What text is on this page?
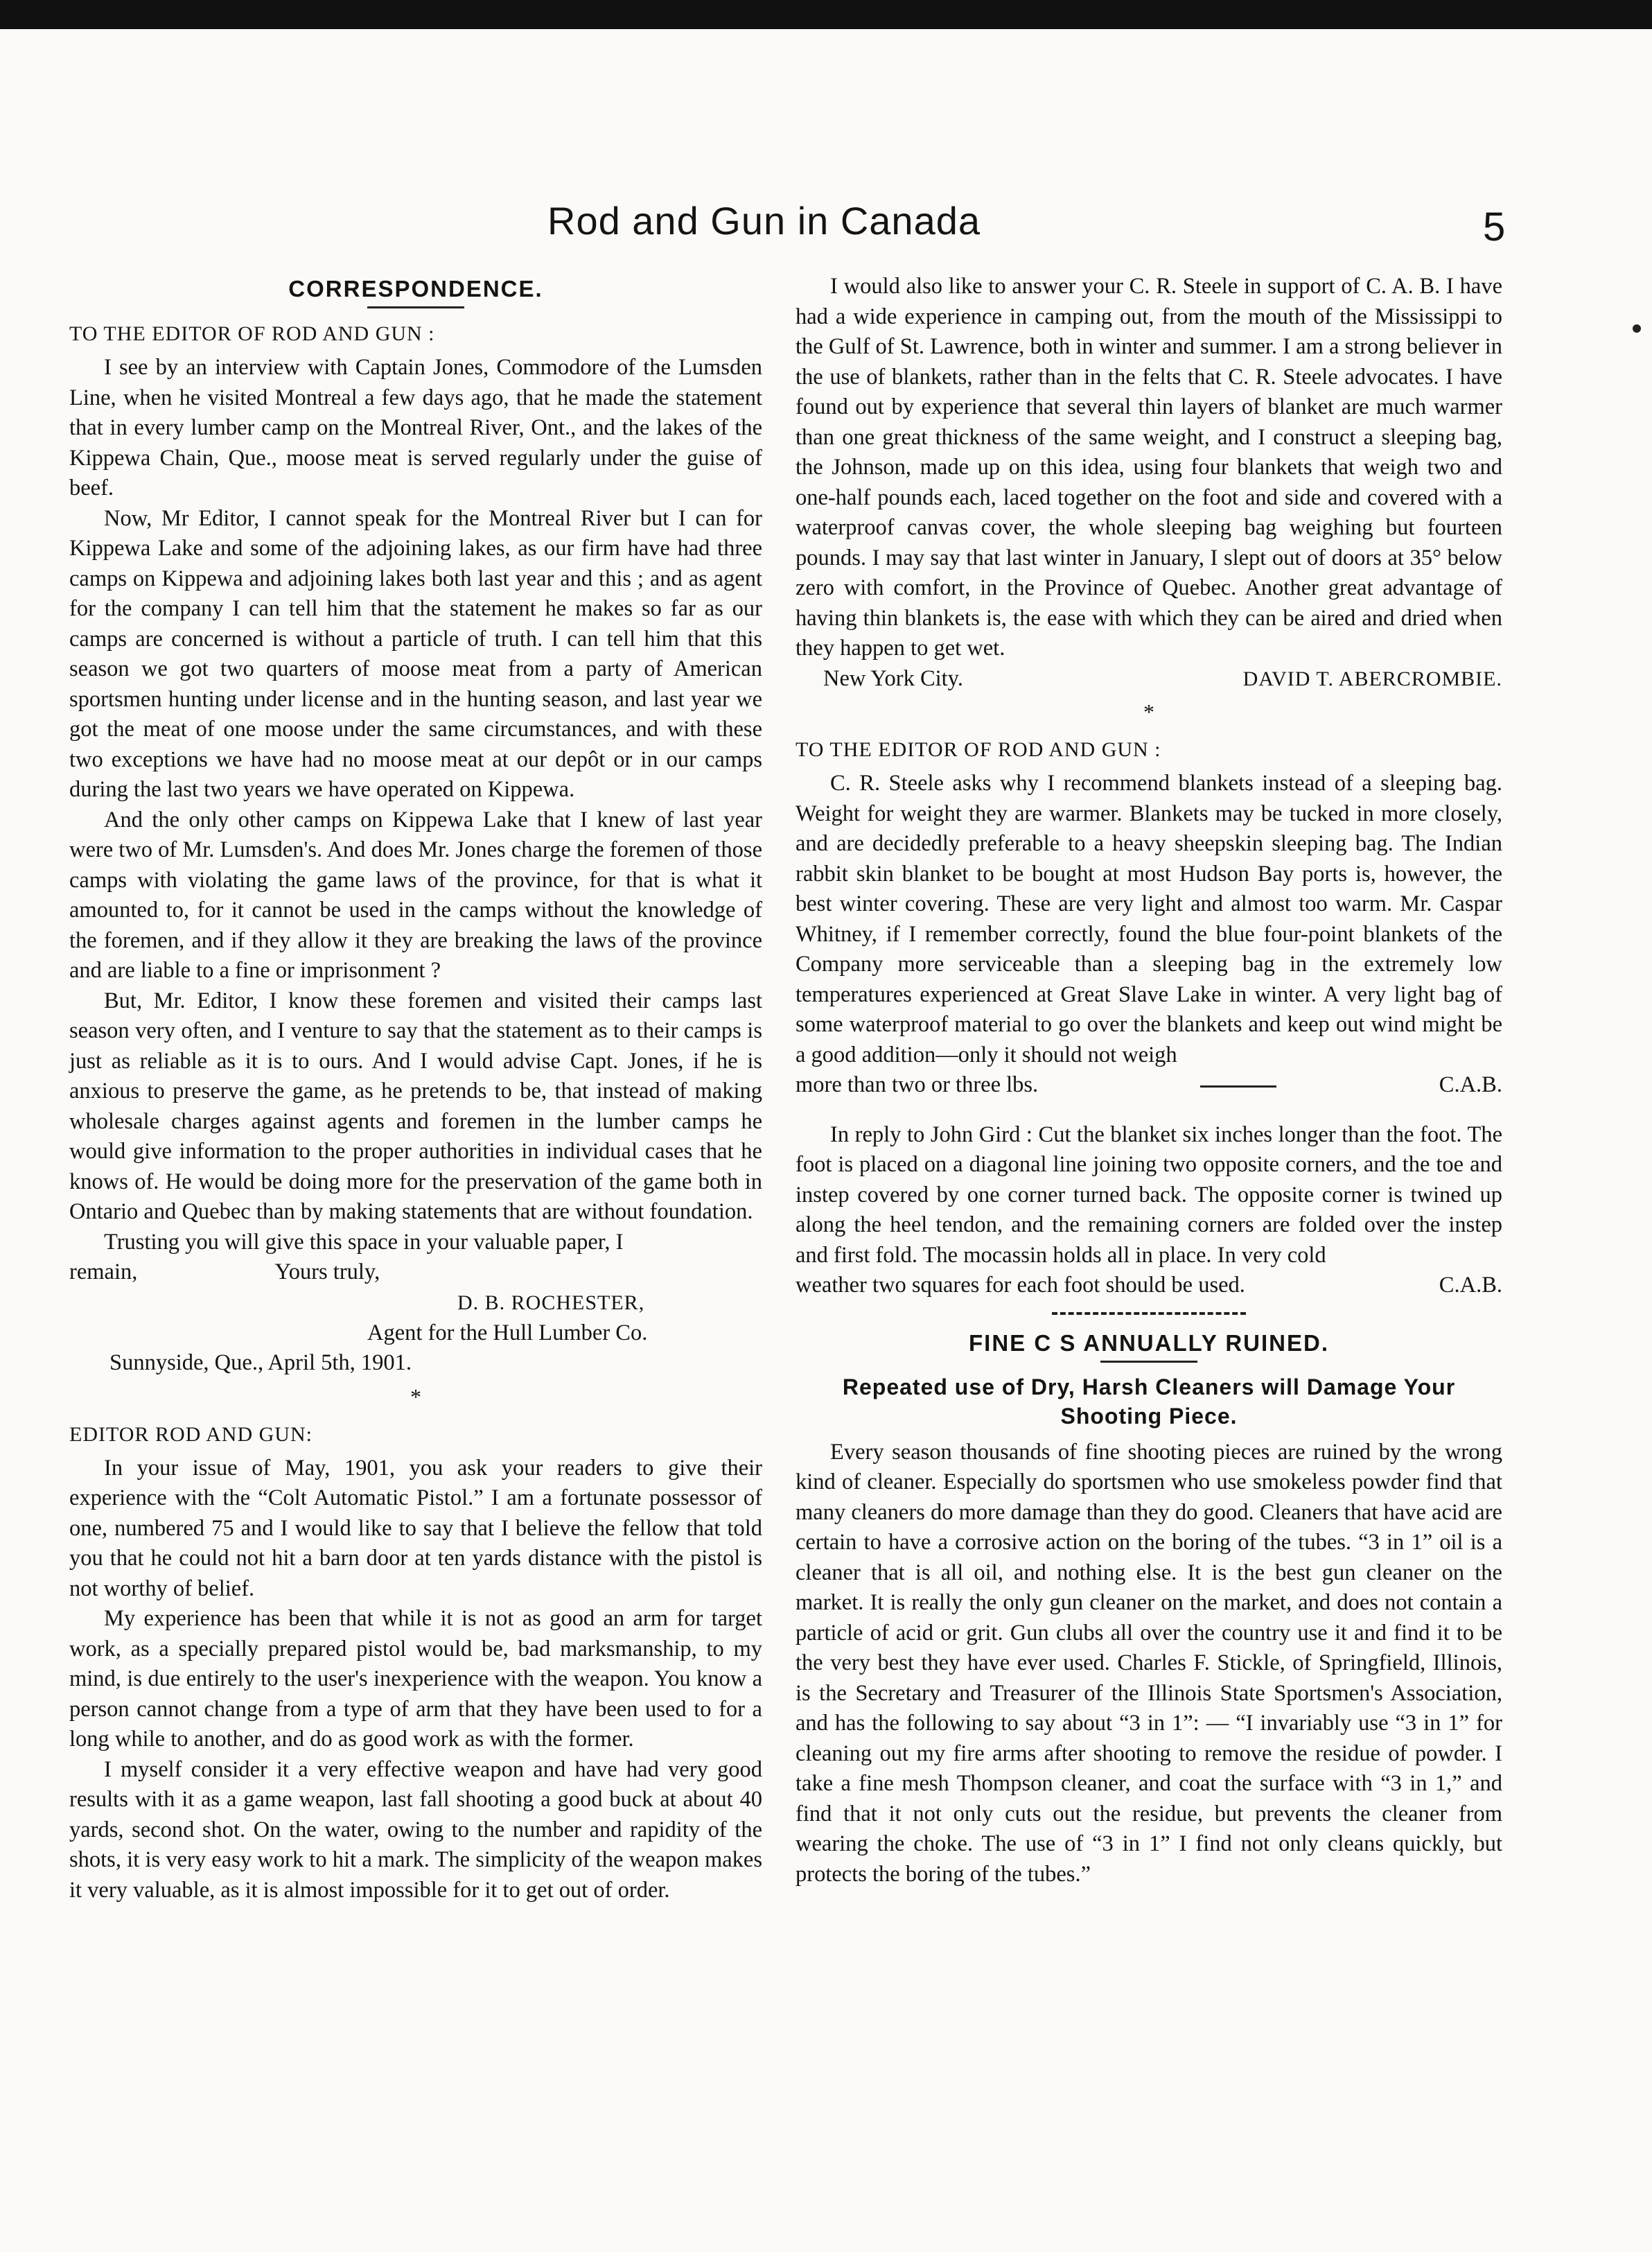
Rod and Gun in Canada	5
CORRESPONDENCE.
TO THE EDITOR OF ROD AND GUN :

I see by an interview with Captain Jones, Commodore of the Lumsden Line, when he visited Montreal a few days ago, that he made the statement that in every lumber camp on the Montreal River, Ont., and the lakes of the Kippewa Chain, Que., moose meat is served regularly under the guise of beef.

Now, Mr Editor, I cannot speak for the Montreal River but I can for Kippewa Lake and some of the adjoining lakes, as our firm have had three camps on Kippewa and adjoining lakes both last year and this ; and as agent for the company I can tell him that the statement he makes so far as our camps are concerned is without a particle of truth. I can tell him that this season we got two quarters of moose meat from a party of American sportsmen hunting under license and in the hunting season, and last year we got the meat of one moose under the same circumstances, and with these two exceptions we have had no moose meat at our depôt or in our camps during the last two years we have operated on Kippewa.

And the only other camps on Kippewa Lake that I knew of last year were two of Mr. Lumsden's. And does Mr. Jones charge the foremen of those camps with violating the game laws of the province, for that is what it amounted to, for it cannot be used in the camps without the knowledge of the foremen, and if they allow it they are breaking the laws of the province and are liable to a fine or imprisonment ?

But, Mr. Editor, I know these foremen and visited their camps last season very often, and I venture to say that the statement as to their camps is just as reliable as it is to ours. And I would advise Capt. Jones, if he is anxious to preserve the game, as he pretends to be, that instead of making wholesale charges against agents and foremen in the lumber camps he would give information to the proper authorities in individual cases that he knows of. He would be doing more for the preservation of the game both in Ontario and Quebec than by making statements that are without foundation.

Trusting you will give this space in your valuable paper, I

remain,	Yours truly,
D. B. ROCHESTER,
Agent for the Hull Lumber Co.
Sunnyside, Que., April 5th, 1901.
*
EDITOR ROD AND GUN:

In your issue of May, 1901, you ask your readers to give their experience with the “Colt Automatic Pistol.” I am a fortunate possessor of one, numbered 75 and I would like to say that I believe the fellow that told you that he could not hit a barn door at ten yards distance with the pistol is not worthy of belief.

My experience has been that while it is not as good an arm for target work, as a specially prepared pistol would be, bad marksmanship, to my mind, is due entirely to the user's inexperience with the weapon. You know a person cannot change from a type of arm that they have been used to for a long while to another, and do as good work as with the former.

I myself consider it a very effective weapon and have had very good results with it as a game weapon, last fall shooting a good buck at about 40 yards, second shot. On the water, owing to the number and rapidity of the shots, it is very easy work to hit a mark. The simplicity of the weapon makes it very valuable, as it is almost impossible for it to get out of order.

I would also like to answer your C. R. Steele in support of C. A. B. I have had a wide experience in camping out, from the mouth of the Mississippi to the Gulf of St. Lawrence, both in winter and summer. I am a strong believer in the use of blankets, rather than in the felts that C. R. Steele advocates. I have found out by experience that several thin layers of blanket are much warmer than one great thickness of the same weight, and I construct a sleeping bag, the Johnson, made up on this idea, using four blankets that weigh two and one-half pounds each, laced together on the foot and side and covered with a waterproof canvas cover, the whole sleeping bag weighing but fourteen pounds. I may say that last winter in January, I slept out of doors at 35° below zero with comfort, in the Province of Quebec. Another great advantage of having thin blankets is, the ease with which they can be aired and dried when they happen to get wet.

New York City.	DAVID T. ABERCROMBIE.
*
TO THE EDITOR OF ROD AND GUN :

C. R. Steele asks why I recommend blankets instead of a sleeping bag. Weight for weight they are warmer. Blankets may be tucked in more closely, and are decidedly preferable to a heavy sheepskin sleeping bag. The Indian rabbit skin blanket to be bought at most Hudson Bay ports is, however, the best winter covering. These are very light and almost too warm. Mr. Caspar Whitney, if I remember correctly, found the blue four-point blankets of the Company more serviceable than a sleeping bag in the extremely low temperatures experienced at Great Slave Lake in winter. A very light bag of some waterproof material to go over the blankets and keep out wind might be a good addition—only it should not weigh

more than two or three lbs.	C.A.B.

In reply to John Gird : Cut the blanket six inches longer than the foot. The foot is placed on a diagonal line joining two opposite corners, and the toe and instep covered by one corner turned back. The opposite corner is twined up along the heel tendon, and the remaining corners are folded over the instep and first fold. The mocassin holds all in place. In very cold

weather two squares for each foot should be used.	C.A.B.
FINE C S ANNUALLY RUINED.
Repeated use of Dry, Harsh Cleaners will Damage Your Shooting Piece.

Every season thousands of fine shooting pieces are ruined by the wrong kind of cleaner. Especially do sportsmen who use smokeless powder find that many cleaners do more damage than they do good. Cleaners that have acid are certain to have a corrosive action on the boring of the tubes. “3 in 1” oil is a cleaner that is all oil, and nothing else. It is the best gun cleaner on the market. It is really the only gun cleaner on the market, and does not contain a particle of acid or grit. Gun clubs all over the country use it and find it to be the very best they have ever used. Charles F. Stickle, of Springfield, Illinois, is the Secretary and Treasurer of the Illinois State Sportsmen's Association, and has the following to say about “3 in 1”: — “I invariably use “3 in 1” for cleaning out my fire arms after shooting to remove the residue of powder. I take a fine mesh Thompson cleaner, and coat the surface with “3 in 1,” and find that it not only cuts out the residue, but prevents the cleaner from wearing the choke. The use of “3 in 1” I find not only cleans quickly, but protects the boring of the tubes.”
